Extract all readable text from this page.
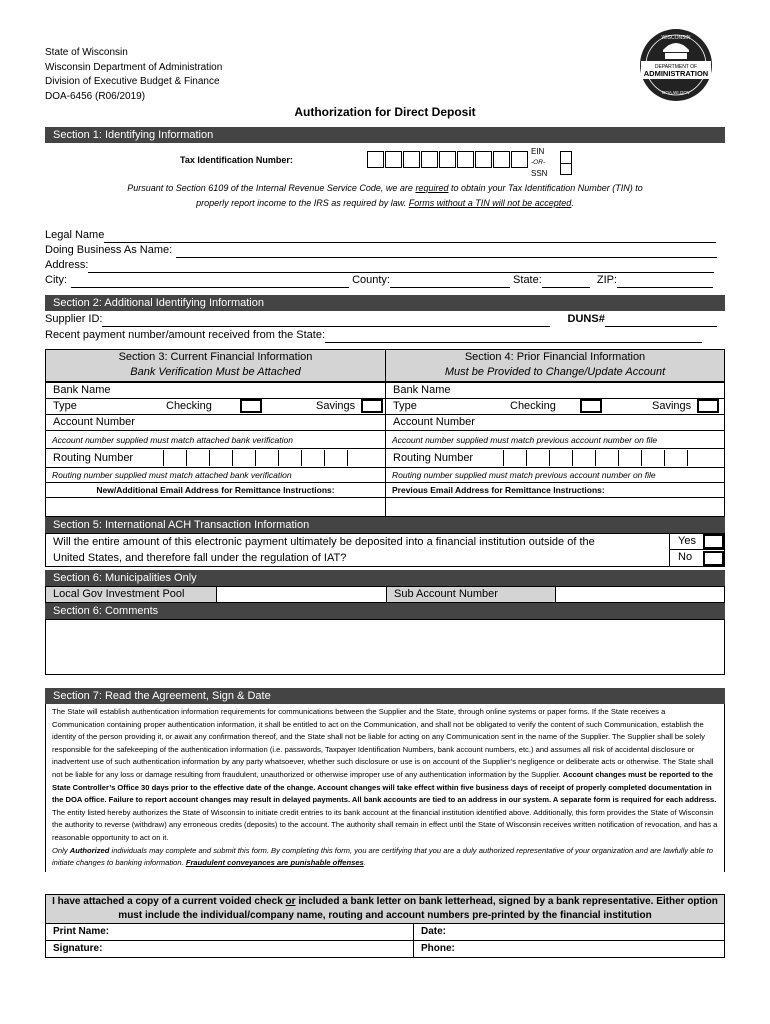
State of Wisconsin
Wisconsin Department of Administration
Division of Executive Budget & Finance
DOA-6456 (R06/2019)
WISCONSIN
DEPARTMENT OF
ADMINISTRATION
DOA.WI.GOV
Authorization for Direct Deposit
Section 1: Identifying Information
Tax Identification Number:
EIN
-OR-
SSN
Pursuant to Section 6109 of the Internal Revenue Service Code, we are required to obtain your Tax Identification Number (TIN) to
properly report income to the IRS as required by law. Forms without a TIN will not be accepted.
Legal Name
Doing Business As Name:
Address:
City:	County:	State:	ZIP:
Section 2: Additional Identifying Information
Supplier ID:	DUNS#
Recent payment number/amount received from the State:
Section 3: Current Financial Information
Bank Verification Must be Attached
Section 4: Prior Financial Information
Must be Provided to Change/Update Account
Bank Name
Type	Checking	Savings
Account Number
Account number supplied must match attached bank verification
Routing Number
Routing number supplied must match attached bank verification
New/Additional Email Address for Remittance Instructions:
Bank Name
Type	Checking	Savings
Account Number
Account number supplied must match previous account number on file
Routing Number
Routing number supplied must match previous account number on file
Previous Email Address for Remittance Instructions:
Section 5: International ACH Transaction Information
Will the entire amount of this electronic payment ultimately be deposited into a financial institution outside of the
United States, and therefore fall under the regulation of IAT?
Yes
No
Section 6: Municipalities Only
Local Gov Investment Pool	Sub Account Number
Section 6: Comments
Section 7: Read the Agreement, Sign & Date
The State will establish authentication information requirements for communications between the Supplier and the State, through online systems or paper forms. If the State receives a Communication containing proper authentication information, it shall be entitled to act on the Communication, and shall not be obligated to verify the content of such Communication, establish the identity of the person providing it, or await any confirmation thereof, and the State shall not be liable for acting on any Communication sent in the name of the Supplier. The Supplier shall be solely responsible for the safekeeping of the authentication information (i.e. passwords, Taxpayer Identification Numbers, bank account numbers, etc.) and assumes all risk of accidental disclosure or inadvertent use of such authentication information by any party whatsoever, whether such disclosure or use is on account of the Supplier’s negligence or deliberate acts or otherwise. The State shall not be liable for any loss or damage resulting from fraudulent, unauthorized or otherwise improper use of any authentication information by the Supplier. Account changes must be reported to the State Controller’s Office 30 days prior to the effective date of the change. Account changes will take effect within five business days of receipt of properly completed documentation in the DOA office. Failure to report account changes may result in delayed payments. All bank accounts are tied to an address in our system. A separate form is required for each address. The entity listed hereby authorizes the State of Wisconsin to initiate credit entries to its bank account at the financial institution identified above. Additionally, this form provides the State of Wisconsin the authority to reverse (withdraw) any erroneous credits (deposits) to the account. The authority shall remain in effect until the State of Wisconsin receives written notification of revocation, and has a reasonable opportunity to act on it.
Only Authorized individuals may complete and submit this form. By completing this form, you are certifying that you are a duly authorized representative of your organization and are lawfully able to initiate changes to banking information. Fraudulent conveyances are punishable offenses.
I have attached a copy of a current voided check or included a bank letter on bank letterhead, signed by a bank representative. Either option
must include the individual/company name, routing and account numbers pre-printed by the financial institution
Print Name:	Date:
Signature:	Phone:
